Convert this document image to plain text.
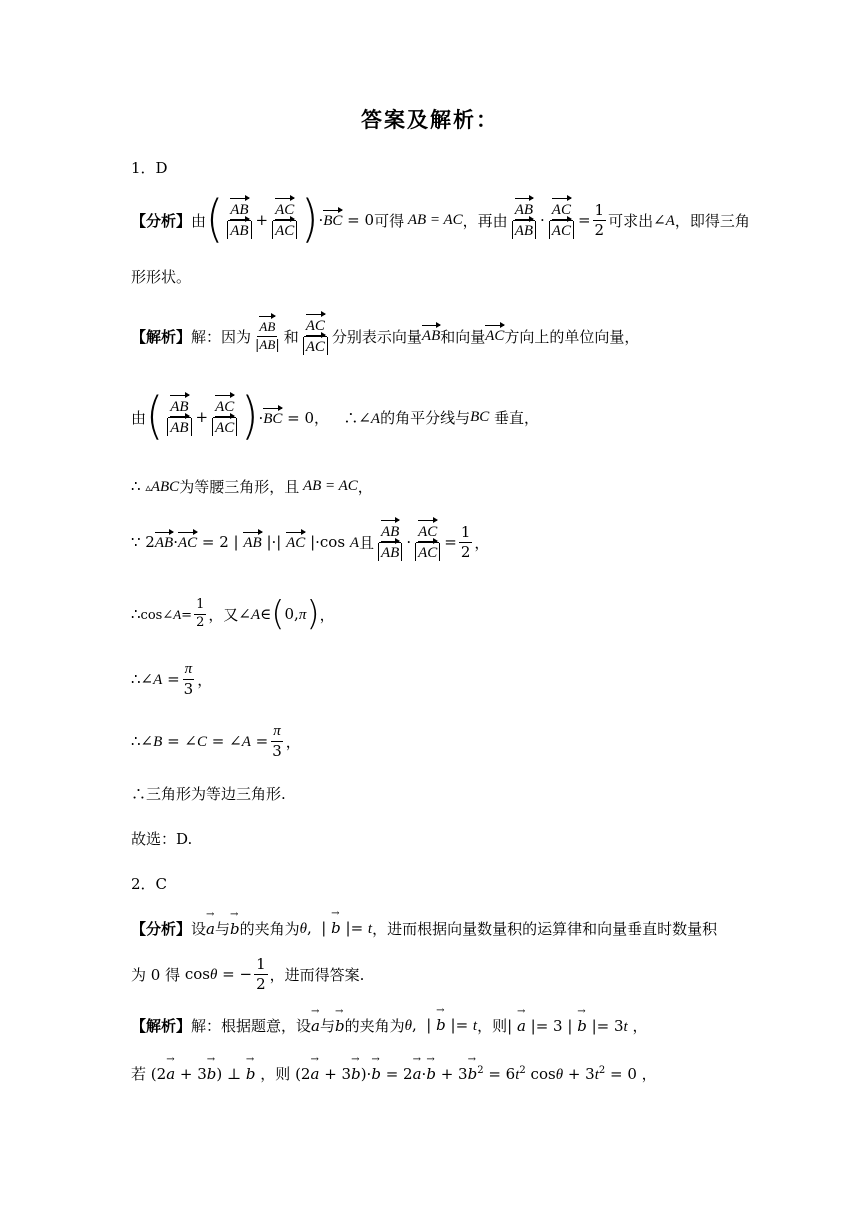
答案及解析：
1．D
【分析】 由 ( $\frac{AB}{AB} + \frac{AC}{AC}$ ) ·BC = 0 可得 AB = AC ，再由 $\frac{AB}{AB} \cdot \frac{AC}{AC} = \frac{1}{2}$ 可求出 ∠A ，即得三角
形形状。
【解析】 解：因为 $\frac{AB}{|AB|}$ 和 $\frac{AC}{AC}$ 分别表示向量 AB 和向量 AC 方向上的单位向量，
由 ( $\frac{AB}{AB} + \frac{AC}{AC}$ ) ·BC = 0，   ∴∠A 的角平分线与 BC
垂直，
∴ ▵ABC 为等腰三角形，且 AB = AC ，
∵ 2AB·AC = 2 | AB |·| AC |·cos A 且 $\frac{AB}{AB} \cdot \frac{AC}{AC} = \frac{1}{2}$ ，
∴cos∠A= $\frac{1}{2}$ ，又 ∠A∈ ( 0,π ) ，
∴∠A = $\frac{\pi}{3}$ ，
∴∠B = ∠C = ∠A = $\frac{\pi}{3}$ ，
∴三角形为等边三角形.
故选：D.
2．C
【分析】 设 a → 与 b → 的夹角为 θ,  | b → |= t ，进而根据向量数量积的运算律和向量垂直时数量积
为 0 得 cosθ = − $\frac{1}{2}$ ，进而得答案.
【解析】 解：根据题意，设 a → 与 b → 的夹角为 θ,  | b → |= t ，则 | a → |= 3 | b → |= 3t ，
若 (2a → + 3b →) ⊥ b → ，则 (2a → + 3b →)·b → = 2a →·b → + $3b \to^2 = 6t^2$ $\cos\theta + 3t^2 = 0$ ，
